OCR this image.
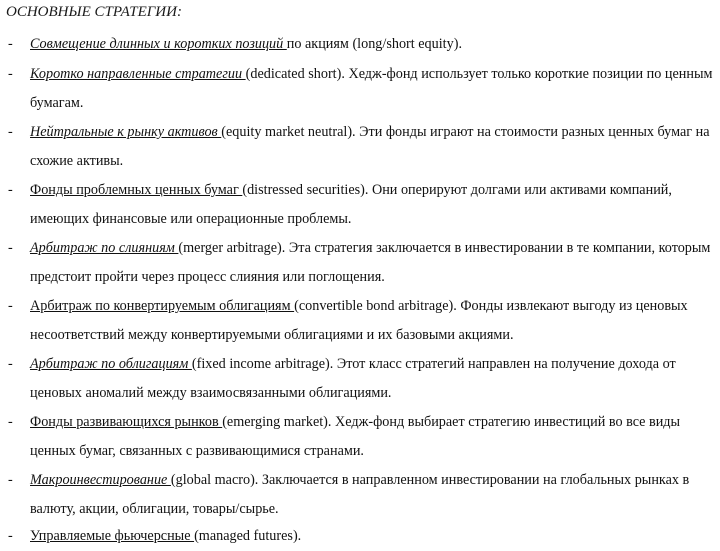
ОСНОВНЫЕ СТРАТЕГИИ:
- Совмещение длинных и коротких позиций по акциям (long/short equity).
- Коротко направленные стратегии (dedicated short). Хедж-фонд использует только короткие позиции по ценным бумагам.
- Нейтральные к рынку активов (equity market neutral). Эти фонды играют на стоимости разных ценных бумаг на схожие активы.
- Фонды проблемных ценных бумаг (distressed securities). Они оперируют долгами или активами компаний, имеющих финансовые или операционные проблемы.
- Арбитраж по слияниям (merger arbitrage). Эта стратегия заключается в инвестировании в те компании, которым предстоит пройти через процесс слияния или поглощения.
- Арбитраж по конвертируемым облигациям (convertible bond arbitrage). Фонды извлекают выгоду из ценовых несоответствий между конвертируемыми облигациями и их базовыми акциями.
- Арбитраж по облигациям (fixed income arbitrage). Этот класс стратегий направлен на получение дохода от ценовых аномалий между взаимосвязанными облигациями.
- Фонды развивающихся рынков (emerging market). Хедж-фонд выбирает стратегию инвестиций во все виды ценных бумаг, связанных с развивающимися странами.
- Макроинвестирование (global macro). Заключается в направленном инвестировании на глобальных рынках в валюту, акции, облигации, товары/сырье.
- Управляемые фьючерсные (managed futures).
